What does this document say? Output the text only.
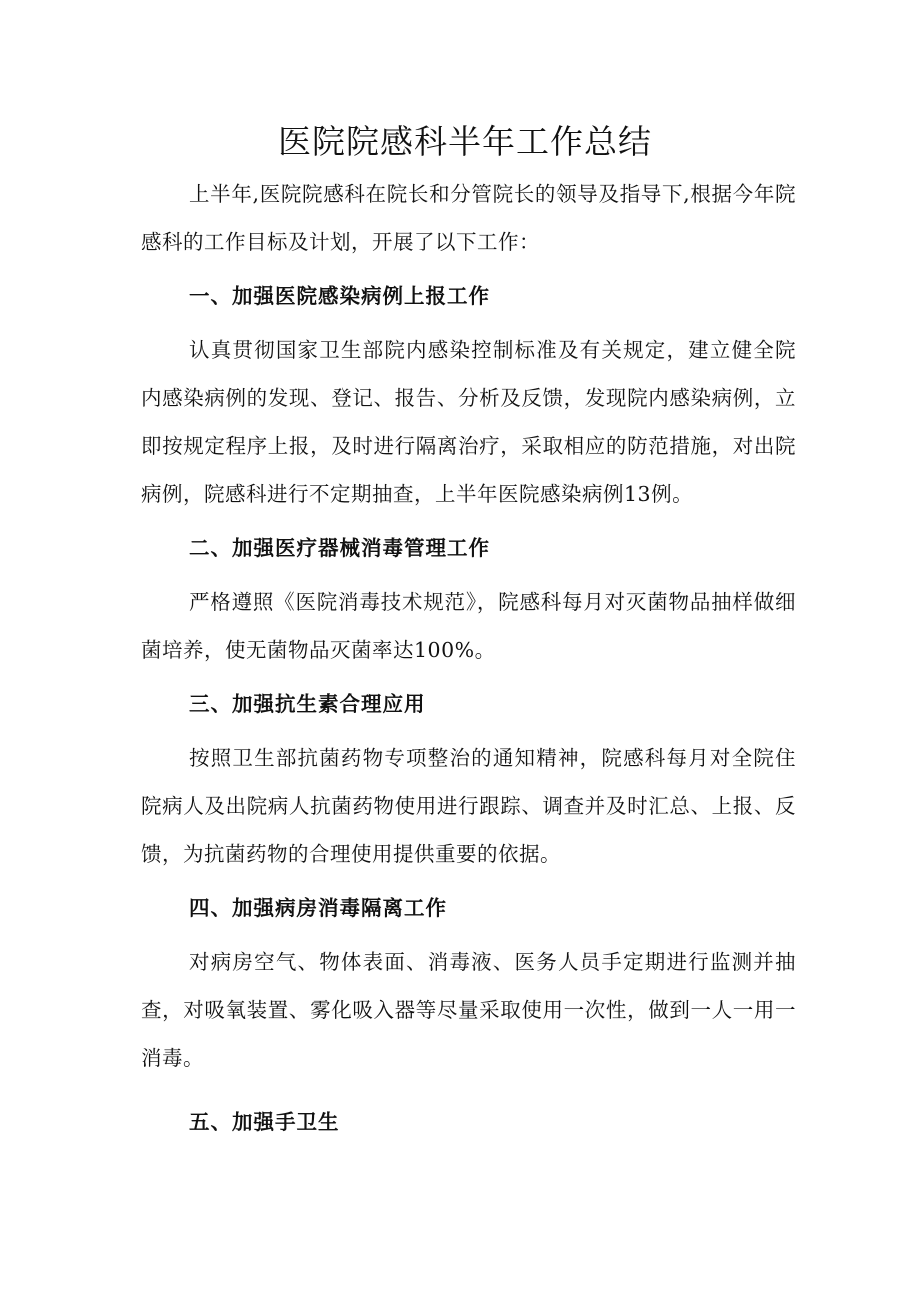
医院院感科半年工作总结

上半年,医院院感科在院长和分管院长的领导及指导下,根据今年院感科的工作目标及计划，开展了以下工作：

一、加强医院感染病例上报工作

认真贯彻国家卫生部院内感染控制标准及有关规定，建立健全院内感染病例的发现、登记、报告、分析及反馈，发现院内感染病例，立即按规定程序上报，及时进行隔离治疗，采取相应的防范措施，对出院病例，院感科进行不定期抽查，上半年医院感染病例13例。

二、加强医疗器械消毒管理工作

严格遵照《医院消毒技术规范》，院感科每月对灭菌物品抽样做细菌培养，使无菌物品灭菌率达100%。

三、加强抗生素合理应用

按照卫生部抗菌药物专项整治的通知精神，院感科每月对全院住院病人及出院病人抗菌药物使用进行跟踪、调查并及时汇总、上报、反馈，为抗菌药物的合理使用提供重要的依据。

四、加强病房消毒隔离工作

对病房空气、物体表面、消毒液、医务人员手定期进行监测并抽查，对吸氧装置、雾化吸入器等尽量采取使用一次性，做到一人一用一消毒。

五、加强手卫生
